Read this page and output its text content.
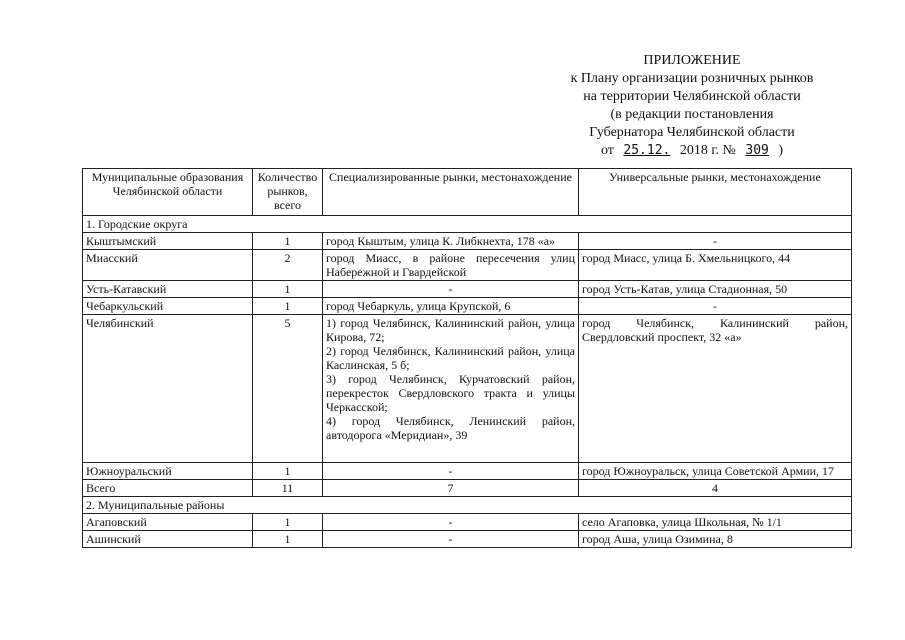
ПРИЛОЖЕНИЕ
к Плану организации розничных рынков
на территории Челябинской области
(в редакции постановления
Губернатора Челябинской области
от 25.12. 2018 г. № 309 )
Муниципальные образования Челябинской области	Количество рынков, всего	Специализированные рынки, местонахождение	Универсальные рынки, местонахождение
1. Городские округа			
Кыштымский	1	город Кыштым, улица К. Либкнехта, 178 «а»	-
Миасский	2	город Миасс, в районе пересечения улиц Набережной и Гвардейской	город Миасс, улица Б. Хмельницкого, 44
Усть-Катавский	1	-	город Усть-Катав, улица Стадионная, 50
Чебаркульский	1	город Чебаркуль, улица Крупской, 6	-
Челябинский	5	1) город Челябинск, Калининский район, улица Кирова, 72;
2) город Челябинск, Калининский район, улица Каслинская, 5 б;
3) город Челябинск, Курчатовский район, перекресток Свердловского тракта и улицы Черкасской;
4) город Челябинск, Ленинский район, автодорога «Меридиан», 39	город Челябинск, Калининский район, Свердловский проспект, 32 «а»
Южноуральский	1	-	город Южноуральск, улица Советской Армии, 17
Всего	11	7	4
2. Муниципальные районы			
Агаповский	1	-	село Агаповка, улица Школьная, № 1/1
Ашинский	1	-	город Аша, улица Озимина, 8
